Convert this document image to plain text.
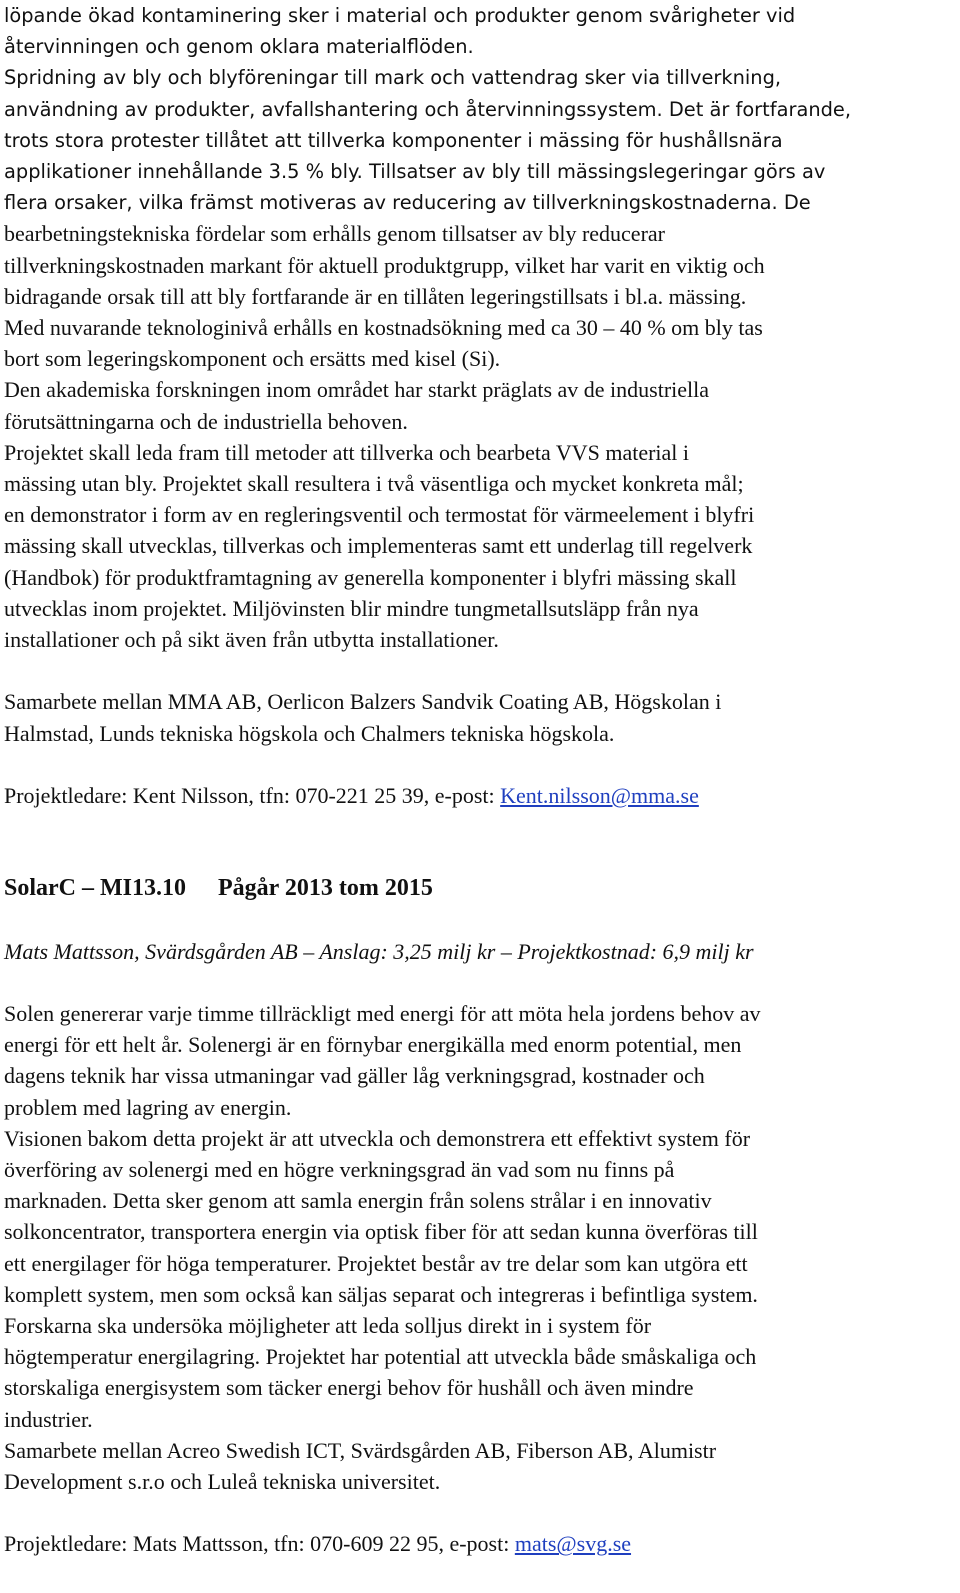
löpande ökad kontaminering sker i material och produkter genom svårigheter vid
återvinningen och genom oklara materialflöden.
Spridning av bly och blyföreningar till mark och vattendrag sker via tillverkning,
användning av produkter, avfallshantering och återvinningssystem. Det är fortfarande,
trots stora protester tillåtet att tillverka komponenter i mässing för hushållsnära
applikationer innehållande 3.5 % bly. Tillsatser av bly till mässingslegeringar görs av
flera orsaker, vilka främst motiveras av reducering av tillverkningskostnaderna. De
bearbetningstekniska fördelar som erhålls genom tillsatser av bly reducerar
tillverkningskostnaden markant för aktuell produktgrupp, vilket har varit en viktig och
bidragande orsak till att bly fortfarande är en tillåten legeringstillsats i bl.a. mässing.
Med nuvarande teknologinivå erhålls en kostnadsökning med ca 30 – 40 % om bly tas
bort som legeringskomponent och ersätts med kisel (Si).
Den akademiska forskningen inom området har starkt präglats av de industriella
förutsättningarna och de industriella behoven.
Projektet skall leda fram till metoder att tillverka och bearbeta VVS material i
mässing utan bly. Projektet skall resultera i två väsentliga och mycket konkreta mål;
en demonstrator i form av en regleringsventil och termostat för värmeelement i blyfri
mässing skall utvecklas, tillverkas och implementeras samt ett underlag till regelverk
(Handbok) för produktframtagning av generella komponenter i blyfri mässing skall
utvecklas inom projektet. Miljövinsten blir mindre tungmetallsutsläpp från nya
installationer och på sikt även från utbytta installationer.
Samarbete mellan MMA AB, Oerlicon Balzers Sandvik Coating AB, Högskolan i
Halmstad, Lunds tekniska högskola och Chalmers tekniska högskola.
Projektledare: Kent Nilsson, tfn: 070-221 25 39, e-post: Kent.nilsson@mma.se
SolarC – MI13.10 Pågår 2013 tom 2015
Mats Mattsson, Svärdsgården AB – Anslag: 3,25 milj kr – Projektkostnad: 6,9 milj kr
Solen genererar varje timme tillräckligt med energi för att möta hela jordens behov av
energi för ett helt år. Solenergi är en förnybar energikälla med enorm potential, men
dagens teknik har vissa utmaningar vad gäller låg verkningsgrad, kostnader och
problem med lagring av energin.
Visionen bakom detta projekt är att utveckla och demonstrera ett effektivt system för
överföring av solenergi med en högre verkningsgrad än vad som nu finns på
marknaden. Detta sker genom att samla energin från solens strålar i en innovativ
solkoncentrator, transportera energin via optisk fiber för att sedan kunna överföras till
ett energilager för höga temperaturer. Projektet består av tre delar som kan utgöra ett
komplett system, men som också kan säljas separat och integreras i befintliga system.
Forskarna ska undersöka möjligheter att leda solljus direkt in i system för
högtemperatur energilagring. Projektet har potential att utveckla både småskaliga och
storskaliga energisystem som täcker energi behov för hushåll och även mindre
industrier.
Samarbete mellan Acreo Swedish ICT, Svärdsgården AB, Fiberson AB, Alumistr
Development s.r.o och Luleå tekniska universitet.
Projektledare: Mats Mattsson, tfn: 070-609 22 95, e-post: mats@svg.se
